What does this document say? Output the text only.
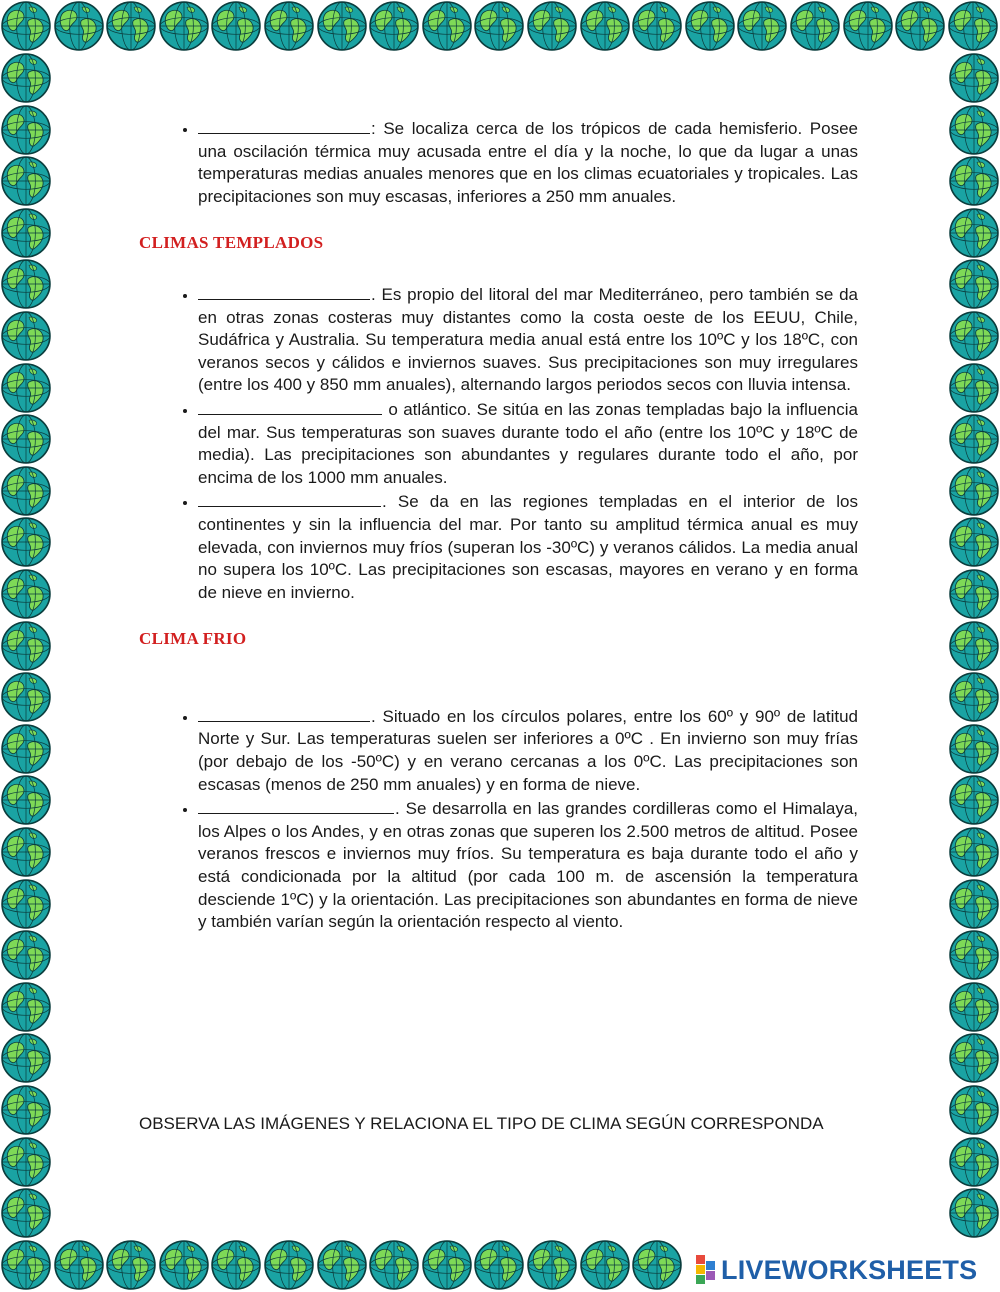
• : Se localiza cerca de los trópicos de cada hemisferio. Posee una oscilación térmica muy acusada entre el día y la noche, lo que da lugar a unas temperaturas medias anuales menores que en los climas ecuatoriales y tropicales. Las precipitaciones son muy escasas, inferiores a 250 mm anuales.

CLIMAS TEMPLADOS

• . Es propio del litoral del mar Mediterráneo, pero también se da en otras zonas costeras muy distantes como la costa oeste de los EEUU, Chile, Sudáfrica y Australia. Su temperatura media anual está entre los 10ºC y los 18ºC, con veranos secos y cálidos e inviernos suaves. Sus precipitaciones son muy irregulares (entre los 400 y 850 mm anuales), alternando largos periodos secos con lluvia intensa.
• o atlántico. Se sitúa en las zonas templadas bajo la influencia del mar. Sus temperaturas son suaves durante todo el año (entre los 10ºC y 18ºC de media). Las precipitaciones son abundantes y regulares durante todo el año, por encima de los 1000 mm anuales.
• . Se da en las regiones templadas en el interior de los continentes y sin la influencia del mar. Por tanto su amplitud térmica anual es muy elevada, con inviernos muy fríos (superan los -30ºC) y veranos cálidos. La media anual no supera los 10ºC. Las precipitaciones son escasas, mayores en verano y en forma de nieve en invierno.

CLIMA FRIO

• . Situado en los círculos polares, entre los 60º y 90º de latitud Norte y Sur. Las temperaturas suelen ser inferiores a 0ºC . En invierno son muy frías (por debajo de los -50ºC) y en verano cercanas a los 0ºC. Las precipitaciones son escasas (menos de 250 mm anuales) y en forma de nieve.
• . Se desarrolla en las grandes cordilleras como el Himalaya, los Alpes o los Andes, y en otras zonas que superen los 2.500 metros de altitud. Posee veranos frescos e inviernos muy fríos. Su temperatura es baja durante todo el año y está condicionada por la altitud (por cada 100 m. de ascensión la temperatura desciende 1ºC) y la orientación. Las precipitaciones son abundantes en forma de nieve y también varían según la orientación respecto al viento.
OBSERVA LAS IMÁGENES Y RELACIONA EL TIPO DE CLIMA SEGÚN CORRESPONDA
LIVEWORKSHEETS
